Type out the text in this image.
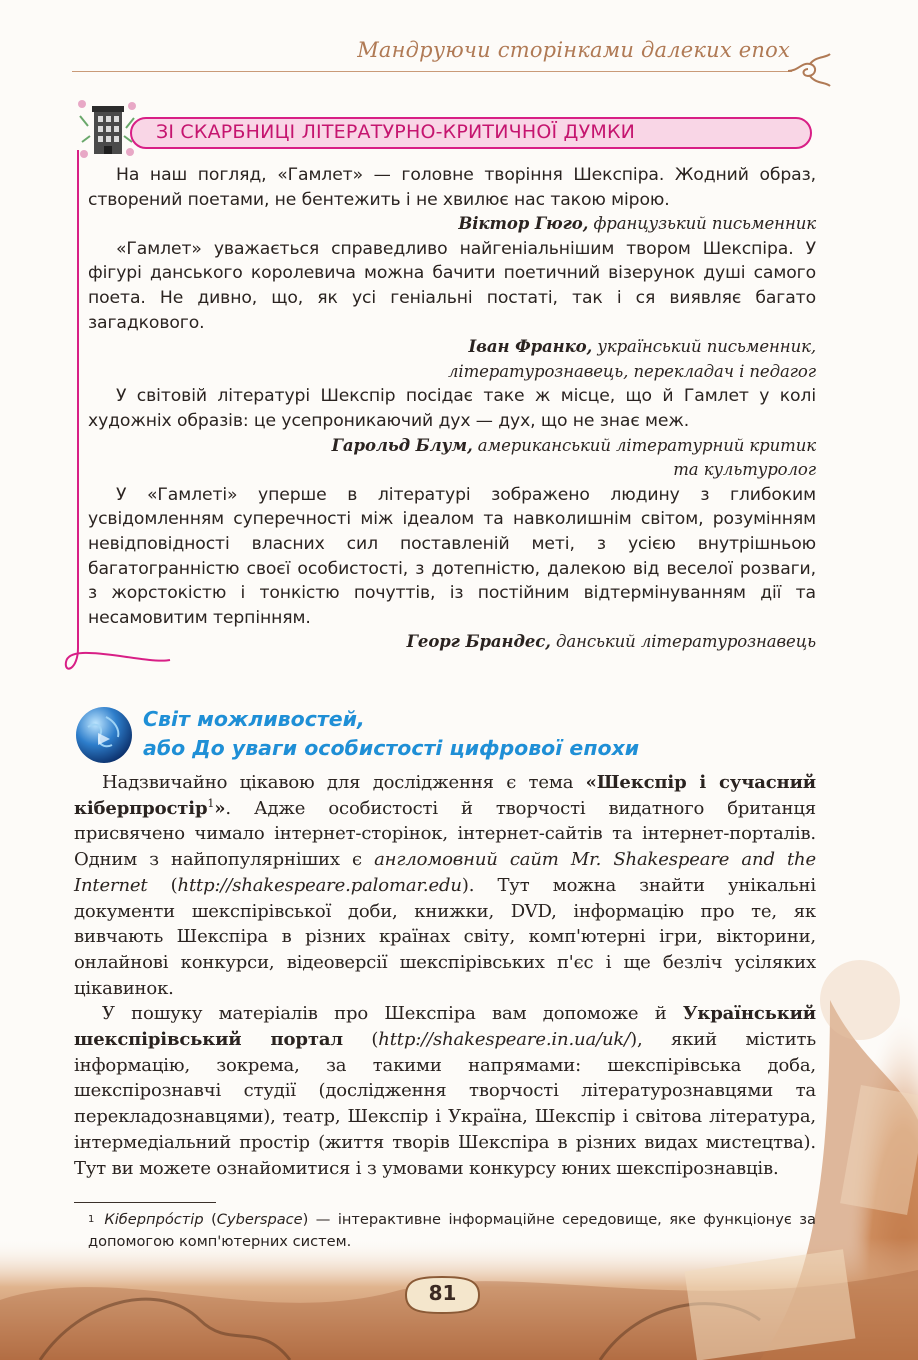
Мандруючи сторінками далеких епох
ЗІ СКАРБНИЦІ ЛІТЕРАТУРНО-КРИТИЧНОЇ ДУМКИ

На наш погляд, «Гамлет» — головне творіння Шекспіра. Жодний образ, створений поетами, не бентежить і не хвилює нас такою мірою.

Віктор Гюго, французький письменник

«Гамлет» уважається справедливо найгеніальнішим твором Шекспіра. У фігурі данського королевича можна бачити поетичний візерунок душі самого поета. Не дивно, що, як усі геніальні постаті, так і ся виявляє багато загадкового.

Іван Франко, український письменник,
літературознавець, перекладач і педагог

У світовій літературі Шекспір посідає таке ж місце, що й Гамлет у колі художніх образів: це усепроникаючий дух — дух, що не знає меж.

Гарольд Блум, американський літературний критик
та культуролог

У «Гамлеті» уперше в літературі зображено людину з глибоким усвідомленням суперечності між ідеалом та навколишнім світом, розумінням невідповідності власних сил поставленій меті, з усією внутрішньою багатогранністю своєї особистості, з дотепністю, далекою від веселої розваги, з жорстокістю і тонкістю почуттів, із постійним відтермінуванням дії та несамовитим терпінням.

Георг Брандес, данський літературознавець

Світ можливостей,
або До уваги особистості цифрової епохи

Надзвичайно цікавою для дослідження є тема «Шекспір і сучасний кіберпростір$^1$». Адже особистості й творчості видатного британця присвячено чимало інтернет-сторінок, інтернет-сайтів та інтернет-порталів. Одним з найпопулярніших є англомовний сайт Mr. Shakespeare and the Internet (http://shakespeare.palomar.edu). Тут можна знайти унікальні документи шекспірівської доби, книжки, DVD, інформацію про те, як вивчають Шекспіра в різних країнах світу, комп'ютерні ігри, вікторини, онлайнові конкурси, відеоверсії шекспірівських п'єс і ще безліч усіляких цікавинок.

У пошуку матеріалів про Шекспіра вам допоможе й Український шекспірівський портал (http://shakespeare.in.ua/uk/), який містить інформацію, зокрема, за такими напрямами: шекспірівська доба, шекспірознавчі студії (дослідження творчості літературознавцями та перекладознавцями), театр, Шекспір і Україна, Шекспір і світова література, інтермедіальний простір (життя творів Шекспіра в різних видах мистецтва). Тут ви можете ознайомитися і з умовами конкурсу юних шекспірознавців.

$^1$ Кіберпро́стір (Cyberspace) — інтерактивне інформаційне середовище, яке функціонує за допомогою комп'ютерних систем.
81
